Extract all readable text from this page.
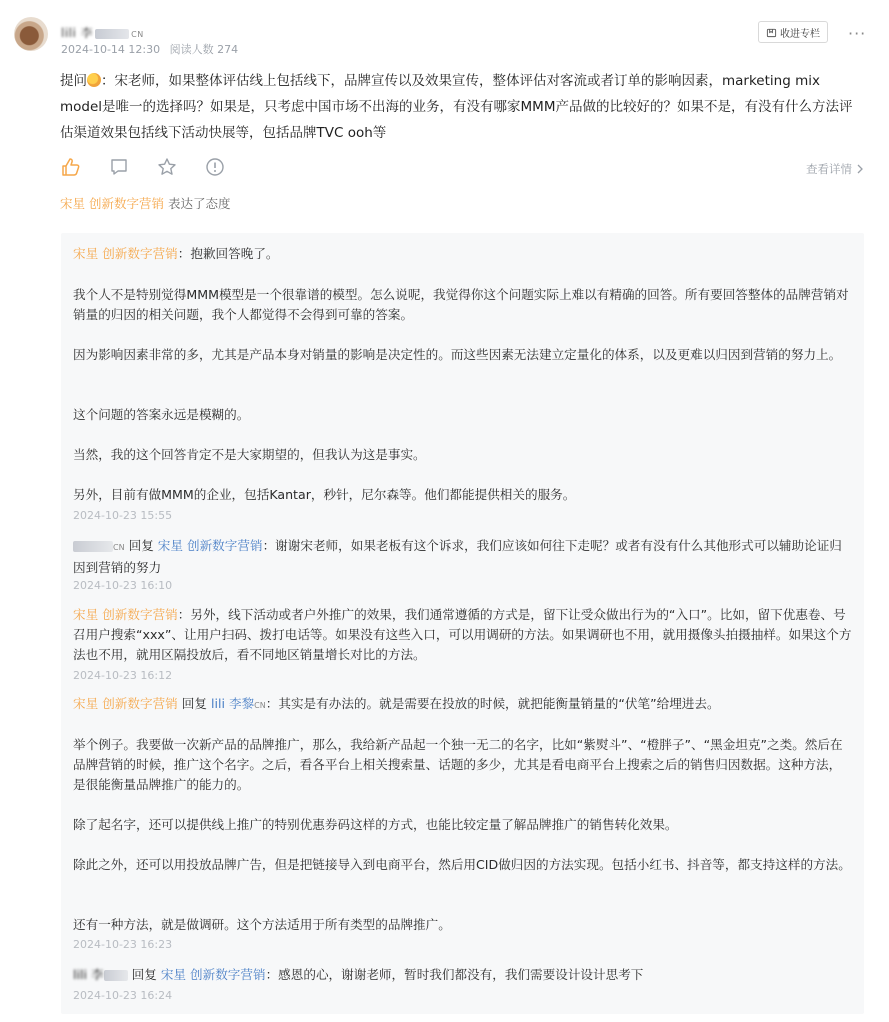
lili 李	CN
2024-10-14 12:30 阅读人数 274
收进专栏 ···
提问 ：宋老师，如果整体评估线上包括线下，品牌宣传以及效果宣传，整体评估对客流或者订单的影响因素，marketing mix model是唯一的选择吗？如果是，只考虑中国市场不出海的业务，有没有哪家MMM产品做的比较好的？如果不是，有没有什么方法评估渠道效果包括线下活动快展等，包括品牌TVC ooh等
查看详情
宋星 创新数字营销 表达了态度
宋星 创新数字营销：抱歉回答晚了。
我个人不是特别觉得MMM模型是一个很靠谱的模型。怎么说呢，我觉得你这个问题实际上难以有精确的回答。所有要回答整体的品牌营销对销量的归因的相关问题，我个人都觉得不会得到可靠的答案。
因为影响因素非常的多，尤其是产品本身对销量的影响是决定性的。而这些因素无法建立定量化的体系，以及更难以归因到营销的努力上。
这个问题的答案永远是模糊的。
当然，我的这个回答肯定不是大家期望的，但我认为这是事实。
另外，目前有做MMM的企业，包括Kantar，秒针，尼尔森等。他们都能提供相关的服务。
2024-10-23 15:55
CN 回复 宋星 创新数字营销：谢谢宋老师，如果老板有这个诉求，我们应该如何往下走呢？或者有没有什么其他形式可以辅助论证归因到营销的努力
2024-10-23 16:10
宋星 创新数字营销：另外，线下活动或者户外推广的效果，我们通常遵循的方式是，留下让受众做出行为的“入口”。比如，留下优惠卷、号召用户搜索“xxx”、让用户扫码、拨打电话等。如果没有这些入口，可以用调研的方法。如果调研也不用，就用摄像头拍摄抽样。如果这个方法也不用，就用区隔投放后，看不同地区销量增长对比的方法。
2024-10-23 16:12
宋星 创新数字营销 回复 lili 李黎CN：其实是有办法的。就是需要在投放的时候，就把能衡量销量的“伏笔”给埋进去。
举个例子。我要做一次新产品的品牌推广，那么，我给新产品起一个独一无二的名字，比如“紫熨斗”、“橙胖子”、“黑金坦克”之类。然后在品牌营销的时候，推广这个名字。之后，看各平台上相关搜索量、话题的多少，尤其是看电商平台上搜索之后的销售归因数据。这种方法，是很能衡量品牌推广的能力的。
除了起名字，还可以提供线上推广的特别优惠券码这样的方式，也能比较定量了解品牌推广的销售转化效果。
除此之外，还可以用投放品牌广告，但是把链接导入到电商平台，然后用CID做归因的方法实现。包括小红书、抖音等，都支持这样的方法。
还有一种方法，就是做调研。这个方法适用于所有类型的品牌推广。
2024-10-23 16:23
lili 李 回复 宋星 创新数字营销：感恩的心，谢谢老师，暂时我们都没有，我们需要设计设计思考下
2024-10-23 16:24
